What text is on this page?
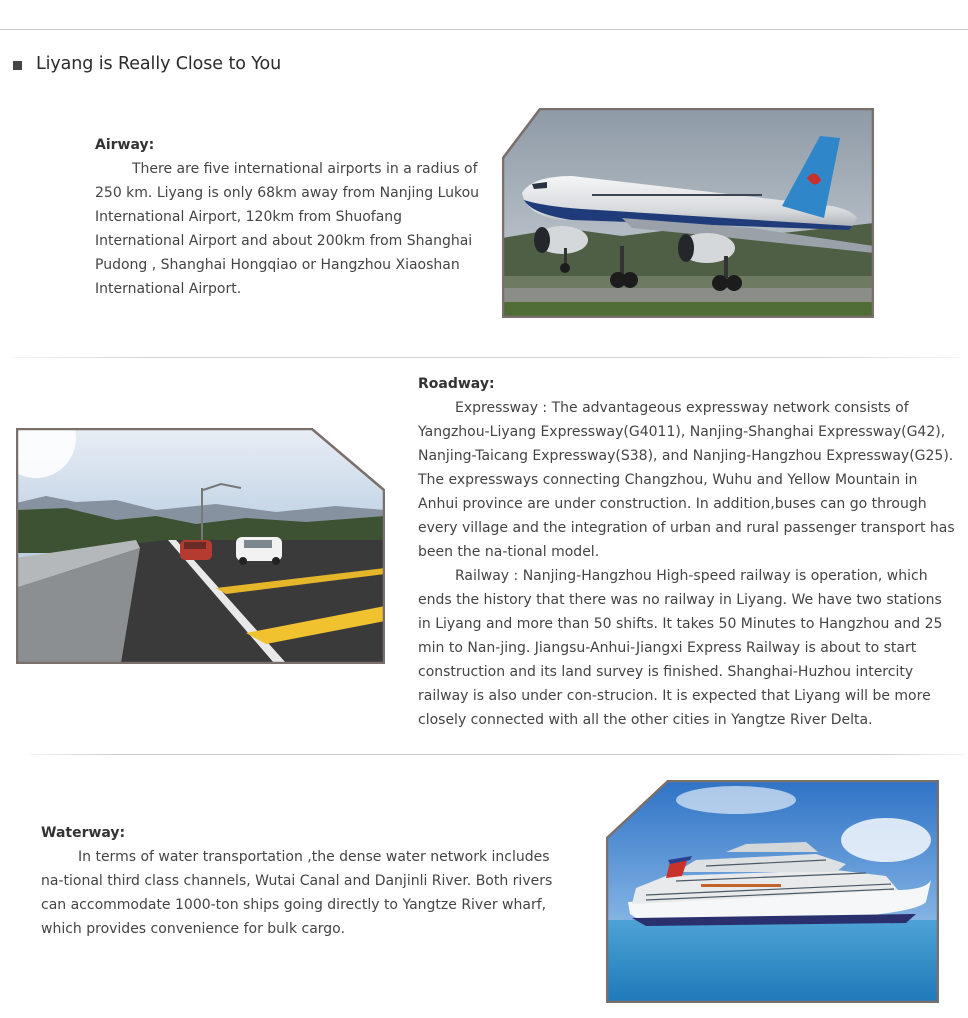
Liyang is Really Close to You

Airway:

There are five international airports in a radius of 250 km. Liyang is only 68km away from Nanjing Lukou International Airport, 120km from Shuofang International Airport and about 200km from Shanghai Pudong , Shanghai Hongqiao or Hangzhou Xiaoshan International Airport.

Roadway:

Expressway : The advantageous expressway network consists of Yangzhou-Liyang Expressway(G4011), Nanjing-Shanghai Expressway(G42), Nanjing-Taicang Expressway(S38), and Nanjing-Hangzhou Expressway(G25). The expressways connecting Changzhou, Wuhu and Yellow Mountain in Anhui province are under construction. In addition,buses can go through every village and the integration of urban and rural passenger transport has been the na-tional model.

Railway : Nanjing-Hangzhou High-speed railway is operation, which ends the history that there was no railway in Liyang. We have two stations in Liyang and more than 50 shifts. It takes 50 Minutes to Hangzhou and 25 min to Nan-jing. Jiangsu-Anhui-Jiangxi Express Railway is about to start construction and its land survey is finished. Shanghai-Huzhou intercity railway is also under con-strucion. It is expected that Liyang will be more closely connected with all the other cities in Yangtze River Delta.

Waterway:

In terms of water transportation ,the dense water network includes na-tional third class channels, Wutai Canal and Danjinli River. Both rivers can accommodate 1000-ton ships going directly to Yangtze River wharf, which provides convenience for bulk cargo.
